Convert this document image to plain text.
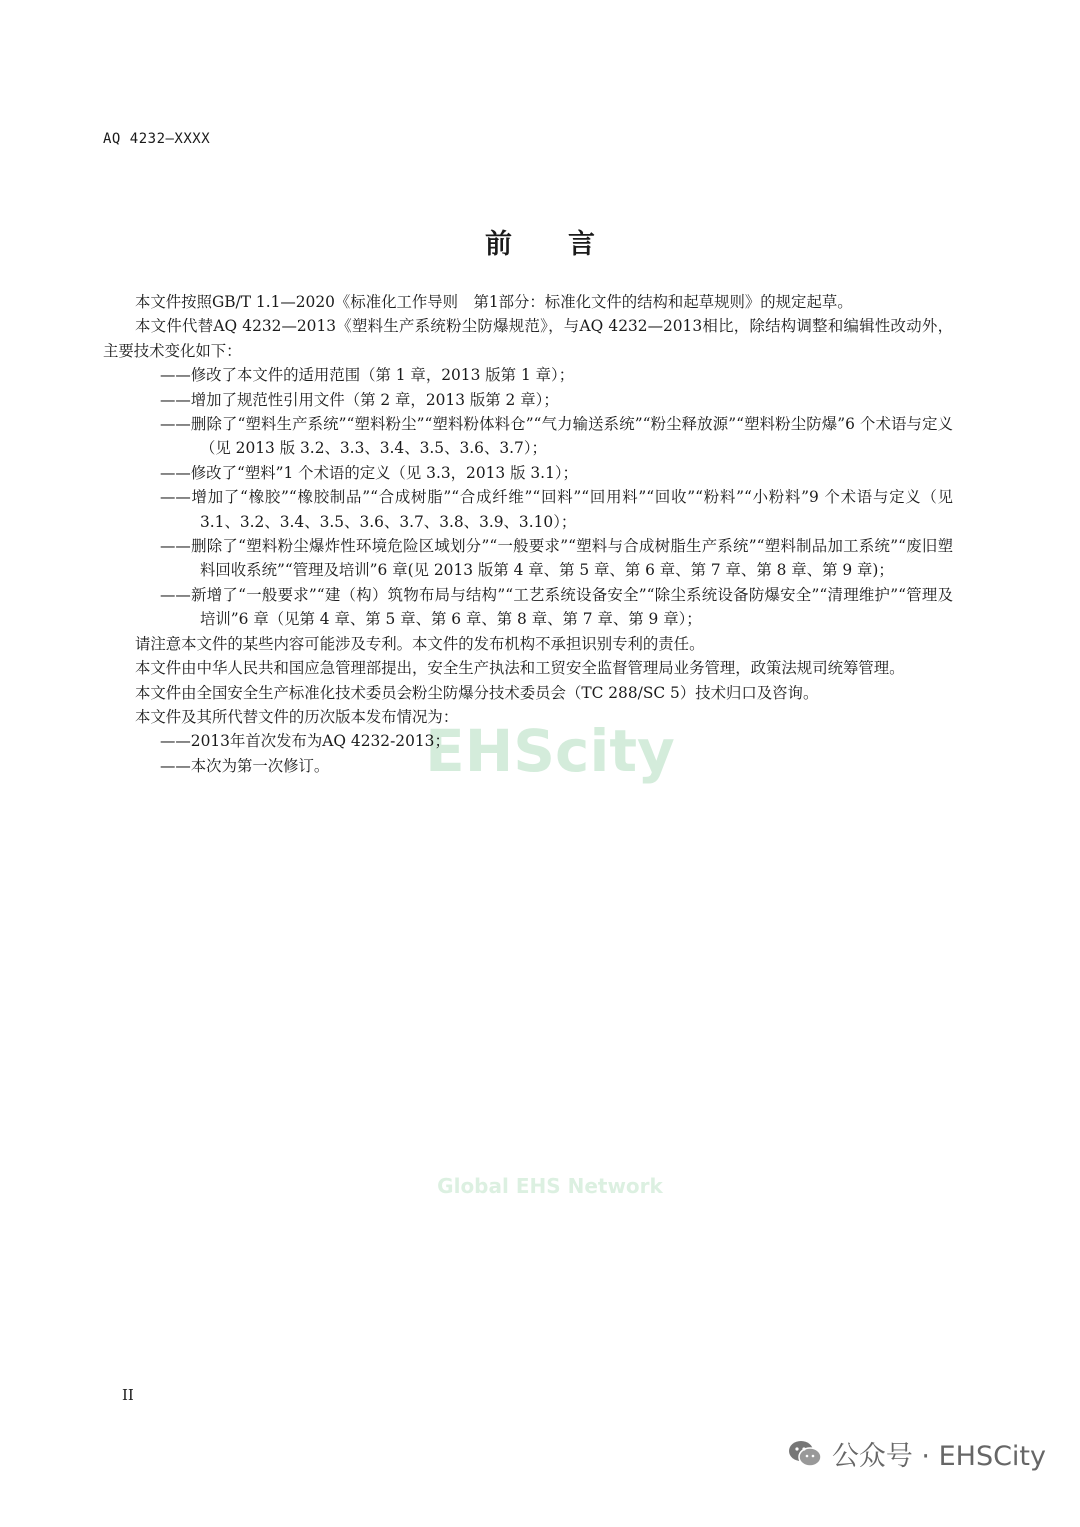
AQ 4232—XXXX
前言
EHScity
Global EHS Network

本文件按照GB/T 1.1—2020《标准化工作导则　第1部分：标准化文件的结构和起草规则》的规定起草。

本文件代替AQ 4232—2013《塑料生产系统粉尘防爆规范》，与AQ 4232—2013相比，除结构调整和编辑性改动外，主要技术变化如下：

——修改了本文件的适用范围（第 1 章，2013 版第 1 章）；

——增加了规范性引用文件（第 2 章，2013 版第 2 章）；

——删除了“塑料生产系统”“塑料粉尘”“塑料粉体料仓”“气力输送系统”“粉尘释放源”“塑料粉尘防爆”6 个术语与定义（见 2013 版 3.2、3.3、3.4、3.5、3.6、3.7）；

——修改了“塑料”1 个术语的定义（见 3.3，2013 版 3.1）；

——增加了“橡胶”“橡胶制品”“合成树脂”“合成纤维”“回料”“回用料”“回收”“粉料”“小粉料”9 个术语与定义（见 3.1、3.2、3.4、3.5、3.6、3.7、3.8、3.9、3.10）；

——删除了“塑料粉尘爆炸性环境危险区域划分”“一般要求”“塑料与合成树脂生产系统”“塑料制品加工系统”“废旧塑料回收系统”“管理及培训”6 章(见 2013 版第 4 章、第 5 章、第 6 章、第 7 章、第 8 章、第 9 章)；

——新增了“一般要求”“建（构）筑物布局与结构”“工艺系统设备安全”“除尘系统设备防爆安全”“清理维护”“管理及培训”6 章（见第 4 章、第 5 章、第 6 章、第 8 章、第 7 章、第 9 章）；

请注意本文件的某些内容可能涉及专利。本文件的发布机构不承担识别专利的责任。

本文件由中华人民共和国应急管理部提出，安全生产执法和工贸安全监督管理局业务管理，政策法规司统筹管理。

本文件由全国安全生产标准化技术委员会粉尘防爆分技术委员会（TC 288/SC 5）技术归口及咨询。

本文件及其所代替文件的历次版本发布情况为：

——2013年首次发布为AQ 4232-2013；

——本次为第一次修订。

II
公众号 · EHSCity
